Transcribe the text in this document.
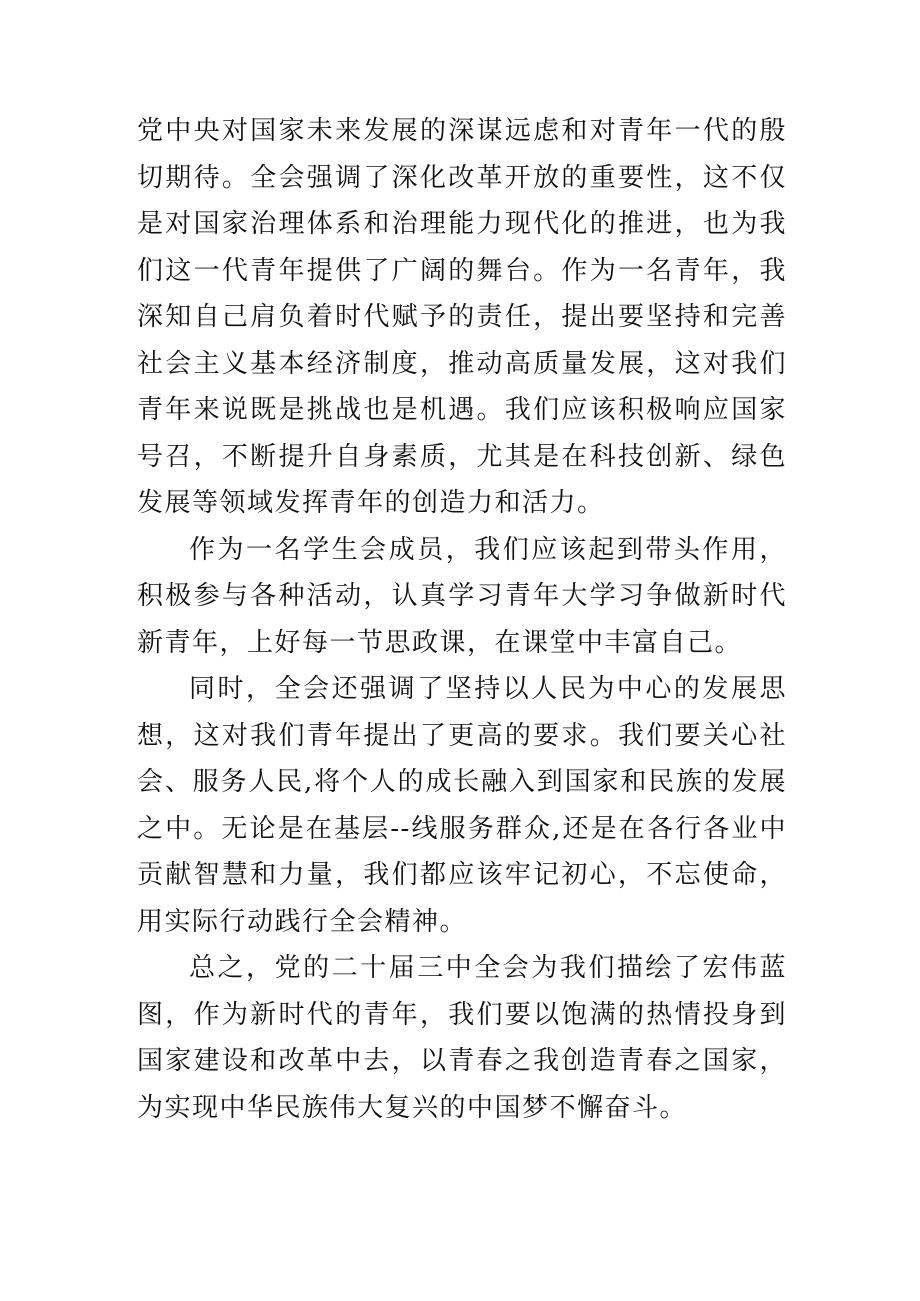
党中央对国家未来发展的深谋远虑和对青年一代的殷切期待。全会强调了深化改革开放的重要性，这不仅是对国家治理体系和治理能力现代化的推进，也为我们这一代青年提供了广阔的舞台。作为一名青年，我深知自己肩负着时代赋予的责任，提出要坚持和完善社会主义基本经济制度，推动高质量发展，这对我们青年来说既是挑战也是机遇。我们应该积极响应国家号召，不断提升自身素质，尤其是在科技创新、绿色发展等领域发挥青年的创造力和活力。

作为一名学生会成员，我们应该起到带头作用，积极参与各种活动，认真学习青年大学习争做新时代新青年，上好每一节思政课，在课堂中丰富自己。

同时，全会还强调了坚持以人民为中心的发展思想，这对我们青年提出了更高的要求。我们要关心社会、服务人民,将个人的成长融入到国家和民族的发展之中。无论是在基层--线服务群众,还是在各行各业中贡献智慧和力量，我们都应该牢记初心，不忘使命，用实际行动践行全会精神。

总之，党的二十届三中全会为我们描绘了宏伟蓝图，作为新时代的青年，我们要以饱满的热情投身到国家建设和改革中去，以青春之我创造青春之国家，为实现中华民族伟大复兴的中国梦不懈奋斗。
